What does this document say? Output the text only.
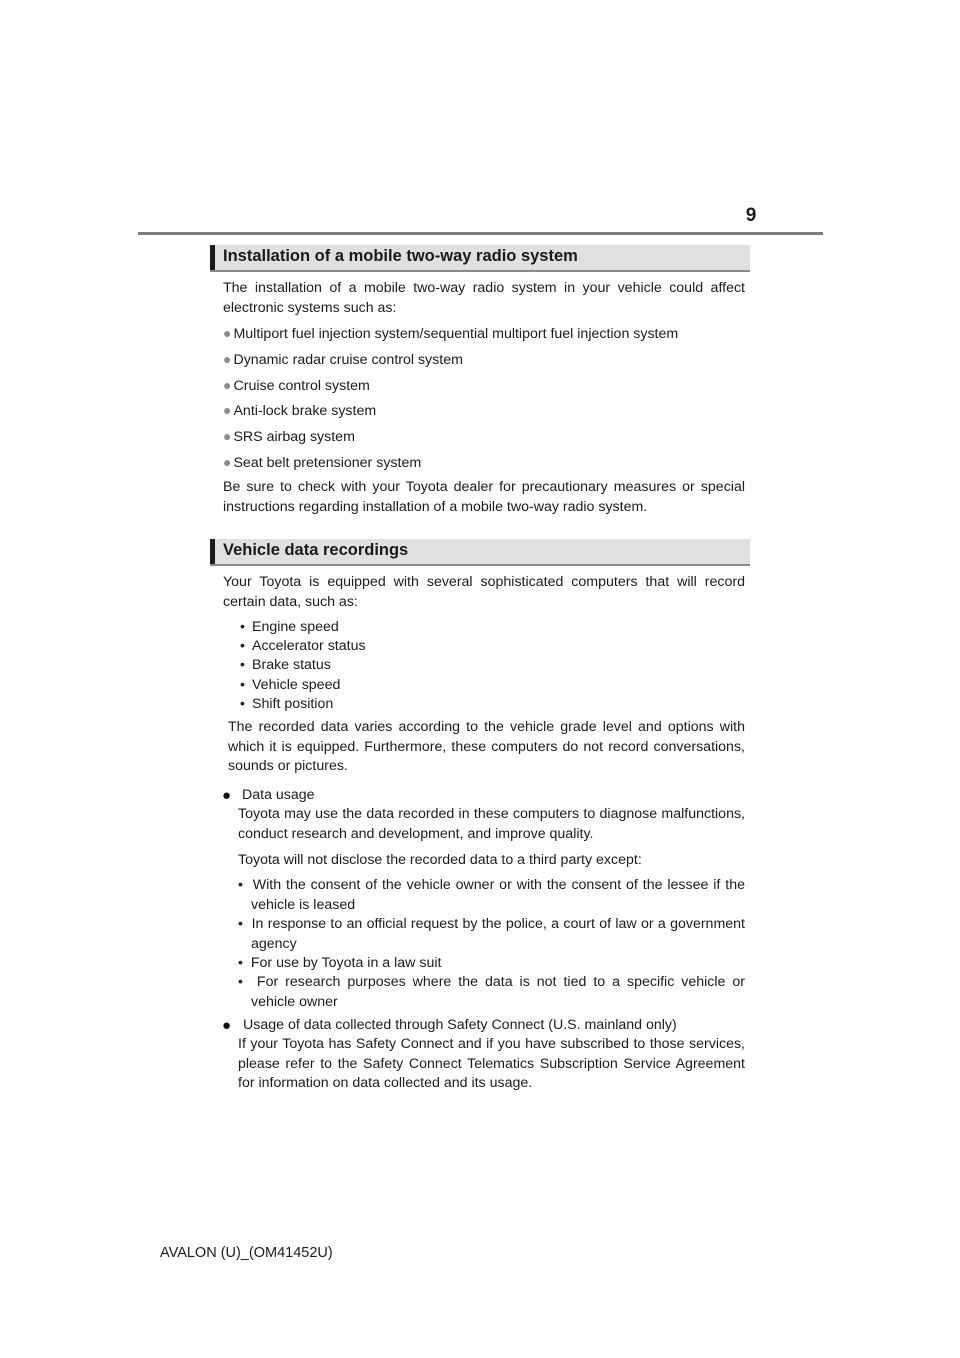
9
Installation of a mobile two-way radio system

The installation of a mobile two-way radio system in your vehicle could affect electronic systems such as:

● Multiport fuel injection system/sequential multiport fuel injection system
● Dynamic radar cruise control system
● Cruise control system
● Anti-lock brake system
● SRS airbag system
● Seat belt pretensioner system

Be sure to check with your Toyota dealer for precautionary measures or special instructions regarding installation of a mobile two-way radio system.

Vehicle data recordings

Your Toyota is equipped with several sophisticated computers that will record certain data, such as:

• Engine speed
• Accelerator status
• Brake status
• Vehicle speed
• Shift position

The recorded data varies according to the vehicle grade level and options with which it is equipped. Furthermore, these computers do not record conversations, sounds or pictures.

● Data usage

Toyota may use the data recorded in these computers to diagnose malfunctions, conduct research and development, and improve quality.

Toyota will not disclose the recorded data to a third party except:

• With the consent of the vehicle owner or with the consent of the lessee if the vehicle is leased
• In response to an official request by the police, a court of law or a government agency
• For use by Toyota in a law suit
• For research purposes where the data is not tied to a specific vehicle or vehicle owner
● Usage of data collected through Safety Connect (U.S. mainland only)

If your Toyota has Safety Connect and if you have subscribed to those services, please refer to the Safety Connect Telematics Subscription Service Agreement for information on data collected and its usage.

AVALON (U)_(OM41452U)
